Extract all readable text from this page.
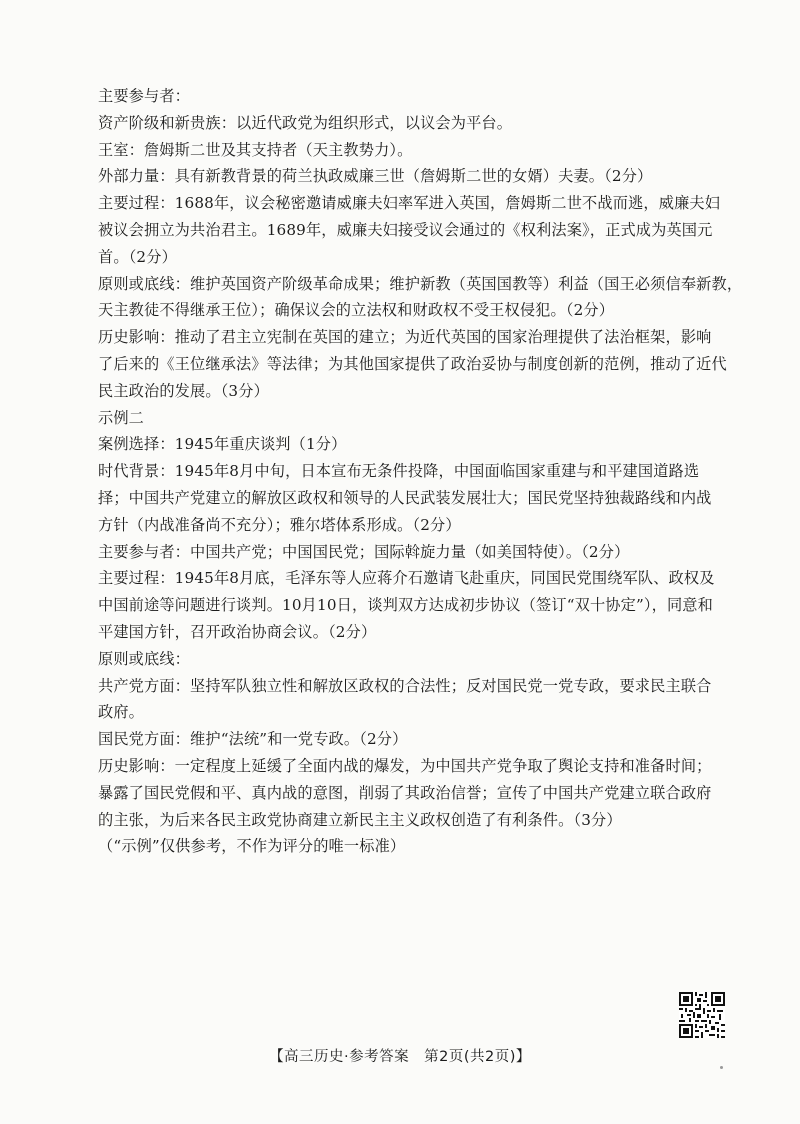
主要参与者：
资产阶级和新贵族：以近代政党为组织形式，以议会为平台。
王室：詹姆斯二世及其支持者（天主教势力）。
外部力量：具有新教背景的荷兰执政威廉三世（詹姆斯二世的女婿）夫妻。（2分）
主要过程：1688年，议会秘密邀请威廉夫妇率军进入英国，詹姆斯二世不战而逃，威廉夫妇
被议会拥立为共治君主。1689年，威廉夫妇接受议会通过的《权利法案》，正式成为英国元
首。（2分）
原则或底线：维护英国资产阶级革命成果；维护新教（英国国教等）利益（国王必须信奉新教，
天主教徒不得继承王位）；确保议会的立法权和财政权不受王权侵犯。（2分）
历史影响：推动了君主立宪制在英国的建立；为近代英国的国家治理提供了法治框架，影响
了后来的《王位继承法》等法律；为其他国家提供了政治妥协与制度创新的范例，推动了近代
民主政治的发展。（3分）
示例二
案例选择：1945年重庆谈判（1分）
时代背景：1945年8月中旬，日本宣布无条件投降，中国面临国家重建与和平建国道路选
择；中国共产党建立的解放区政权和领导的人民武装发展壮大；国民党坚持独裁路线和内战
方针（内战准备尚不充分）；雅尔塔体系形成。（2分）
主要参与者：中国共产党；中国国民党；国际斡旋力量（如美国特使）。（2分）
主要过程：1945年8月底，毛泽东等人应蒋介石邀请飞赴重庆，同国民党围绕军队、政权及
中国前途等问题进行谈判。10月10日，谈判双方达成初步协议（签订“双十协定”），同意和
平建国方针，召开政治协商会议。（2分）
原则或底线：
共产党方面：坚持军队独立性和解放区政权的合法性；反对国民党一党专政，要求民主联合
政府。
国民党方面：维护“法统”和一党专政。（2分）
历史影响：一定程度上延缓了全面内战的爆发，为中国共产党争取了舆论支持和准备时间；
暴露了国民党假和平、真内战的意图，削弱了其政治信誉；宣传了中国共产党建立联合政府
的主张，为后来各民主政党协商建立新民主主义政权创造了有利条件。（3分）
（“示例”仅供参考，不作为评分的唯一标准）
【高三历史·参考答案　第2页(共2页)】
